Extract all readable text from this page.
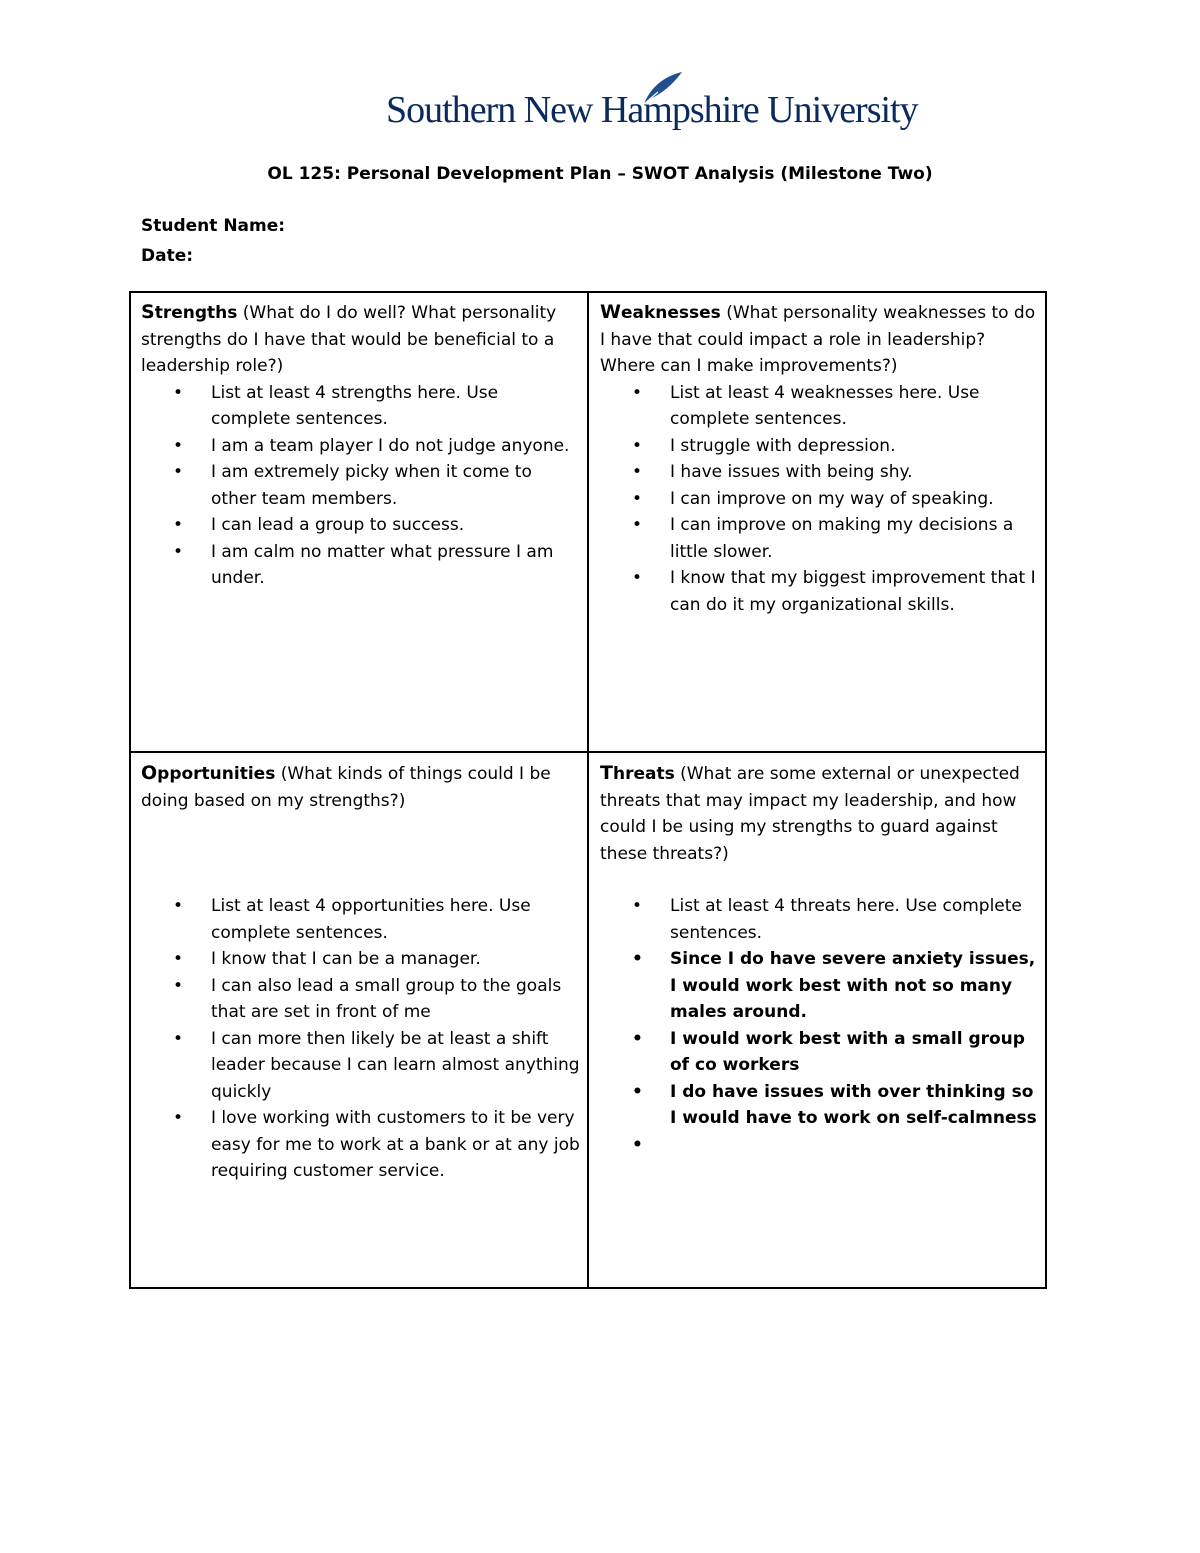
Southern New Hampshire University
OL 125: Personal Development Plan – SWOT Analysis (Milestone Two)
Student Name:
Date:
Strengths (What do I do well? What personality strengths do I have that would be beneficial to a leadership role?)
• List at least 4 strengths here. Use complete sentences.
• I am a team player I do not judge anyone.
• I am extremely picky when it come to other team members.
• I can lead a group to success.
• I am calm no matter what pressure I am under.
Weaknesses (What personality weaknesses to do I have that could impact a role in leadership? Where can I make improvements?)
• List at least 4 weaknesses here. Use complete sentences.
• I struggle with depression.
• I have issues with being shy.
• I can improve on my way of speaking.
• I can improve on making my decisions a little slower.
• I know that my biggest improvement that I can do it my organizational skills.
Opportunities (What kinds of things could I be doing based on my strengths?)
• List at least 4 opportunities here. Use complete sentences.
• I know that I can be a manager.
• I can also lead a small group to the goals that are set in front of me
• I can more then likely be at least a shift leader because I can learn almost anything quickly
• I love working with customers to it be very easy for me to work at a bank or at any job requiring customer service.
Threats (What are some external or unexpected threats that may impact my leadership, and how could I be using my strengths to guard against these threats?)
• List at least 4 threats here. Use complete sentences.
• Since I do have severe anxiety issues, I would work best with not so many males around.
• I would work best with a small group of co workers
• I do have issues with over thinking so I would have to work on self-calmness
•
